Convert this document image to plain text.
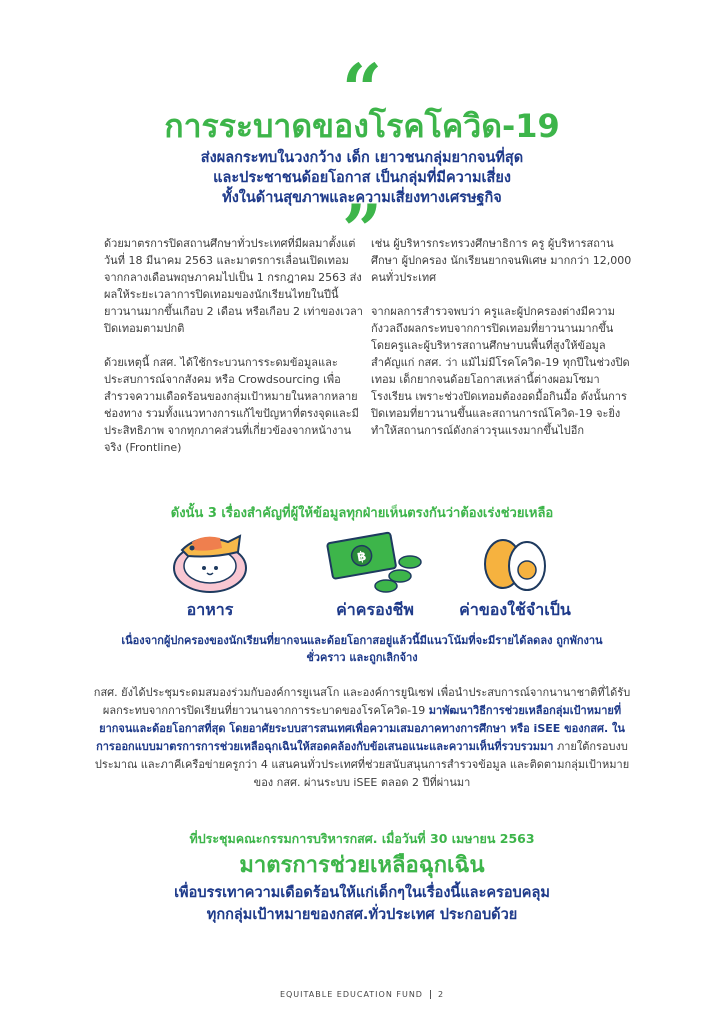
“
การระบาดของโรคโควิด-19
ส่งผลกระทบในวงกว้าง เด็ก เยาวชนกลุ่มยากจนที่สุด
และประชาชนด้อยโอกาส เป็นกลุ่มที่มีความเสี่ยง
ทั้งในด้านสุขภาพและความเสี่ยงทางเศรษฐกิจ
”

ด้วยมาตรการปิดสถานศึกษาทั่วประเทศที่มีผลมาตั้งแต่วันที่ 18 มีนาคม 2563 และมาตรการเลื่อนเปิดเทอมจากกลางเดือนพฤษภาคมไปเป็น 1 กรกฎาคม 2563 ส่งผลให้ระยะเวลาการปิดเทอมของนักเรียนไทยในปีนี้ยาวนานมากขึ้นเกือบ 2 เดือน หรือเกือบ 2 เท่าของเวลาปิดเทอมตามปกติ

ด้วยเหตุนี้ กสศ. ได้ใช้กระบวนการระดมข้อมูลและประสบการณ์จากสังคม หรือ Crowdsourcing เพื่อสำรวจความเดือดร้อนของกลุ่มเป้าหมายในหลากหลายช่องทาง รวมทั้งแนวทางการแก้ไขปัญหาที่ตรงจุดและมีประสิทธิภาพ จากทุกภาคส่วนที่เกี่ยวข้องจากหน้างานจริง (Frontline)

เช่น ผู้บริหารกระทรวงศึกษาธิการ ครู ผู้บริหารสถานศึกษา ผู้ปกครอง นักเรียนยากจนพิเศษ มากกว่า 12,000 คนทั่วประเทศ

จากผลการสำรวจพบว่า ครูและผู้ปกครองต่างมีความกังวลถึงผลกระทบจากการปิดเทอมที่ยาวนานมากขึ้น โดยครูและผู้บริหารสถานศึกษาบนพื้นที่สูงให้ข้อมูลสำคัญแก่ กสศ. ว่า แม้ไม่มีโรคโควิด-19 ทุกปีในช่วงปิดเทอม เด็กยากจนด้อยโอกาสเหล่านี้ต่างผอมโซมาโรงเรียน เพราะช่วงปิดเทอมต้องอดมื้อกินมื้อ ดังนั้นการปิดเทอมที่ยาวนานขึ้นและสถานการณ์โควิด-19 จะยิ่งทำให้สถานการณ์ดังกล่าวรุนแรงมากขึ้นไปอีก

ดังนั้น 3 เรื่องสำคัญที่ผู้ให้ข้อมูลทุกฝ่ายเห็นตรงกันว่าต้องเร่งช่วยเหลือ
อาหาร
฿
ค่าครองชีพ	ค่าของใช้จำเป็น
เนื่องจากผู้ปกครองของนักเรียนที่ยากจนและด้อยโอกาสอยู่แล้วนี้มีแนวโน้มที่จะมีรายได้ลดลง ถูกพักงานชั่วคราว และถูกเลิกจ้าง
กสศ. ยังได้ประชุมระดมสมองร่วมกับองค์การยูเนสโก และองค์การยูนิเซฟ เพื่อนำประสบการณ์จากนานาชาติที่ได้รับผลกระทบจากการปิดเรียนที่ยาวนานจากการระบาดของโรคโควิด-19 มาพัฒนาวิธีการช่วยเหลือกลุ่มเป้าหมายที่ยากจนและด้อยโอกาสที่สุด โดยอาศัยระบบสารสนเทศเพื่อความเสมอภาคทางการศึกษา หรือ iSEE ของกสศ. ในการออกแบบมาตรการการช่วยเหลือฉุกเฉินให้สอดคล้องกับข้อเสนอแนะและความเห็นที่รวบรวมมา ภายใต้กรอบงบประมาณ และภาคีเครือข่ายครูกว่า 4 แสนคนทั่วประเทศที่ช่วยสนับสนุนการสำรวจข้อมูล และติดตามกลุ่มเป้าหมายของ กสศ. ผ่านระบบ iSEE ตลอด 2 ปีที่ผ่านมา
ที่ประชุมคณะกรรมการบริหารกสศ. เมื่อวันที่ 30 เมษายน 2563
มาตรการช่วยเหลือฉุกเฉิน
เพื่อบรรเทาความเดือดร้อนให้แก่เด็กๆในเรื่องนี้และครอบคลุม
ทุกกลุ่มเป้าหมายของกสศ.ทั่วประเทศ ประกอบด้วย
EQUITABLE EDUCATION FUND 2
